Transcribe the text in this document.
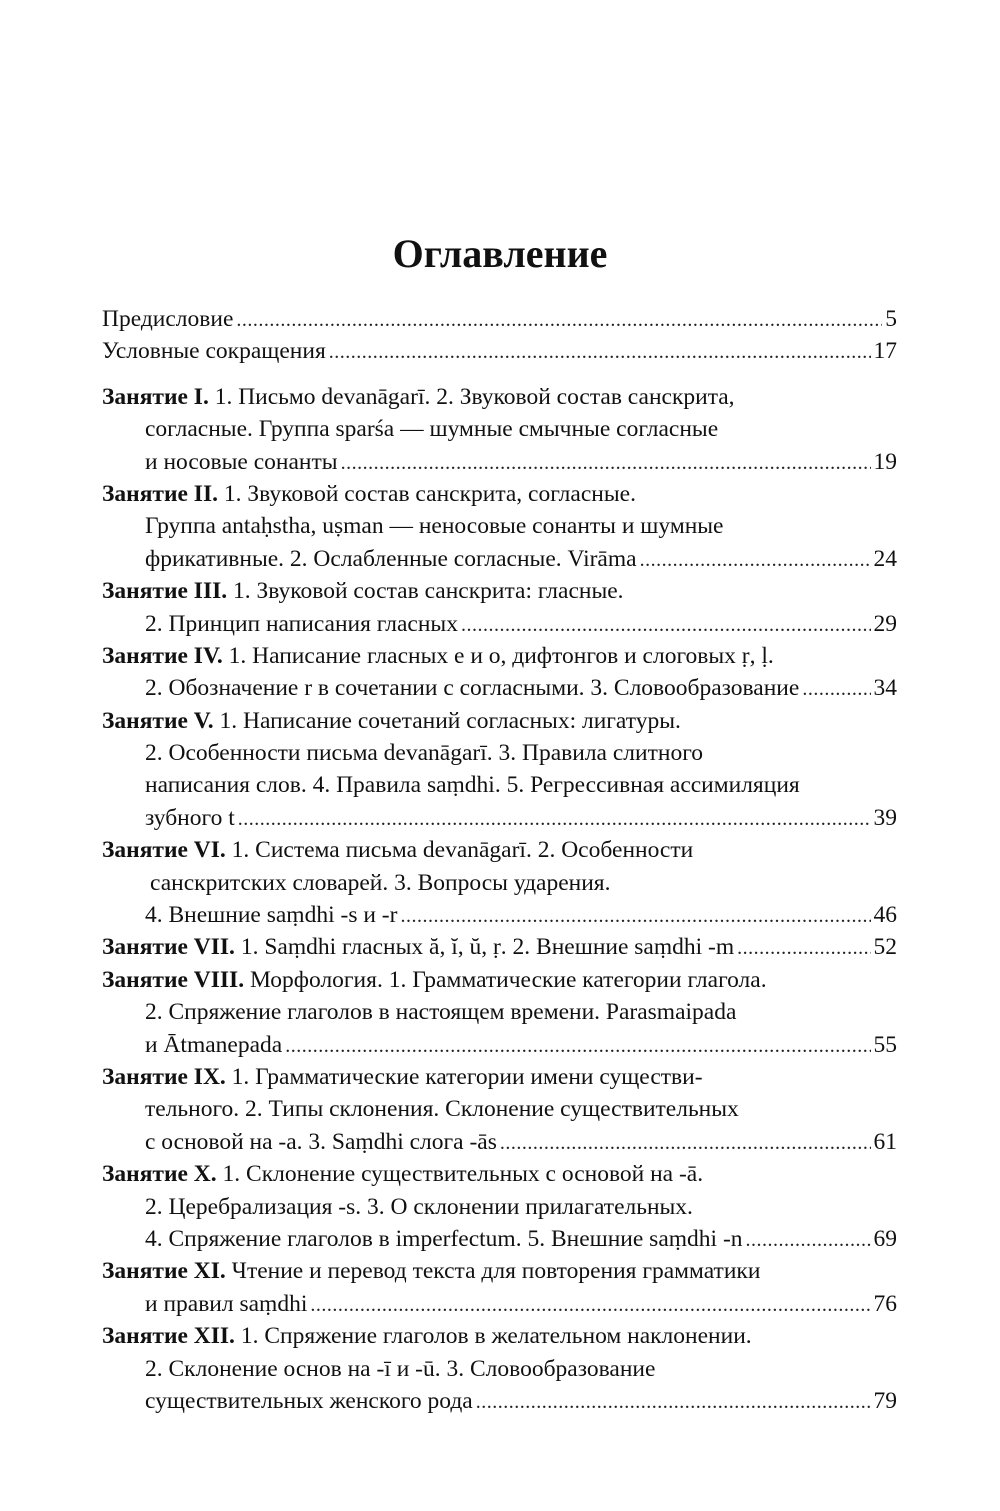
Оглавление
Предисловие .....	5
Условные сокращения .....	17
Занятие I. 1. Письмо devanāgarī. 2. Звуковой состав санскрита,
согласные. Группа sparśa — шумные смычные согласные
и носовые сонанты .....	19
Занятие II. 1. Звуковой состав санскрита, согласные.
Группа antaḥstha, uṣman — неносовые сонанты и шумные
фрикативные. 2. Ослабленные согласные. Virāma .....	24
Занятие III. 1. Звуковой состав санскрита: гласные.
2. Принцип написания гласных .....	29
Занятие IV. 1. Написание гласных e и o, дифтонгов и слоговых ṛ, ḷ.
2. Обозначение r в сочетании с согласными. 3. Словообразование .....	34
Занятие V. 1. Написание сочетаний согласных: лигатуры.
2. Особенности письма devanāgarī. 3. Правила слитного
написания слов. 4. Правила saṃdhi. 5. Регрессивная ассимиляция
зубного t .....	39
Занятие VI. 1. Система письма devanāgarī. 2. Особенности
санскритских словарей. 3. Вопросы ударения.
4. Внешние saṃdhi -s и -r .....	46
Занятие VII. 1. Saṃdhi гласных ă, ĭ, ŭ, ṛ. 2. Внешние saṃdhi -m .....	52
Занятие VIII. Морфология. 1. Грамматические категории глагола.
2. Спряжение глаголов в настоящем времени. Parasmaipada
и Ātmanepada .....	55
Занятие IX. 1. Грамматические категории имени существи-
тельного. 2. Типы склонения. Склонение существительных
с основой на -a. 3. Saṃdhi слога -ās .....	61
Занятие X. 1. Склонение существительных с основой на -ā.
2. Церебрализация -s. 3. О склонении прилагательных.
4. Спряжение глаголов в imperfectum. 5. Внешние saṃdhi -n .....	69
Занятие XI. Чтение и перевод текста для повторения грамматики
и правил saṃdhi .....	76
Занятие XII. 1. Спряжение глаголов в желательном наклонении.
2. Склонение основ на -ī и -ū. 3. Словообразование
существительных женского рода .....	79
